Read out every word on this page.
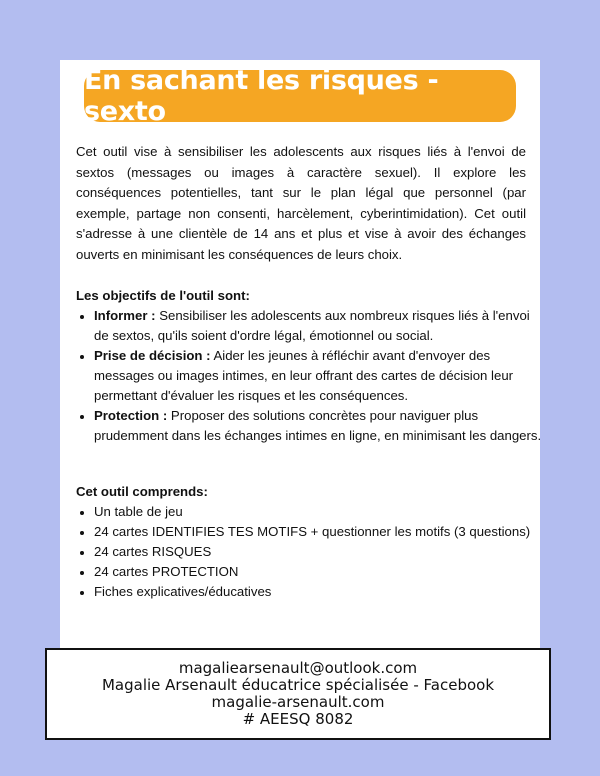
En sachant les risques - sexto

Cet outil vise à sensibiliser les adolescents aux risques liés à l'envoi de sextos (messages ou images à caractère sexuel). Il explore les conséquences potentielles, tant sur le plan légal que personnel (par exemple, partage non consenti, harcèlement, cyberintimidation). Cet outil s'adresse à une clientèle de 14 ans et plus et vise à avoir des échanges ouverts en minimisant les conséquences de leurs choix.

Les objectifs de l'outil sont:

• Informer : Sensibiliser les adolescents aux nombreux risques liés à l'envoi de sextos, qu'ils soient d'ordre légal, émotionnel ou social.
• Prise de décision : Aider les jeunes à réfléchir avant d'envoyer des messages ou images intimes, en leur offrant des cartes de décision leur permettant d'évaluer les risques et les conséquences.
• Protection : Proposer des solutions concrètes pour naviguer plus prudemment dans les échanges intimes en ligne, en minimisant les dangers.

Cet outil comprends:

• Un table de jeu
• 24 cartes IDENTIFIES TES MOTIFS + questionner les motifs (3 questions)
• 24 cartes RISQUES
• 24 cartes PROTECTION
• Fiches explicatives/éducatives
magaliearsenault@outlook.com
Magalie Arsenault éducatrice spécialisée - Facebook
magalie-arsenault.com
# AEESQ 8082
